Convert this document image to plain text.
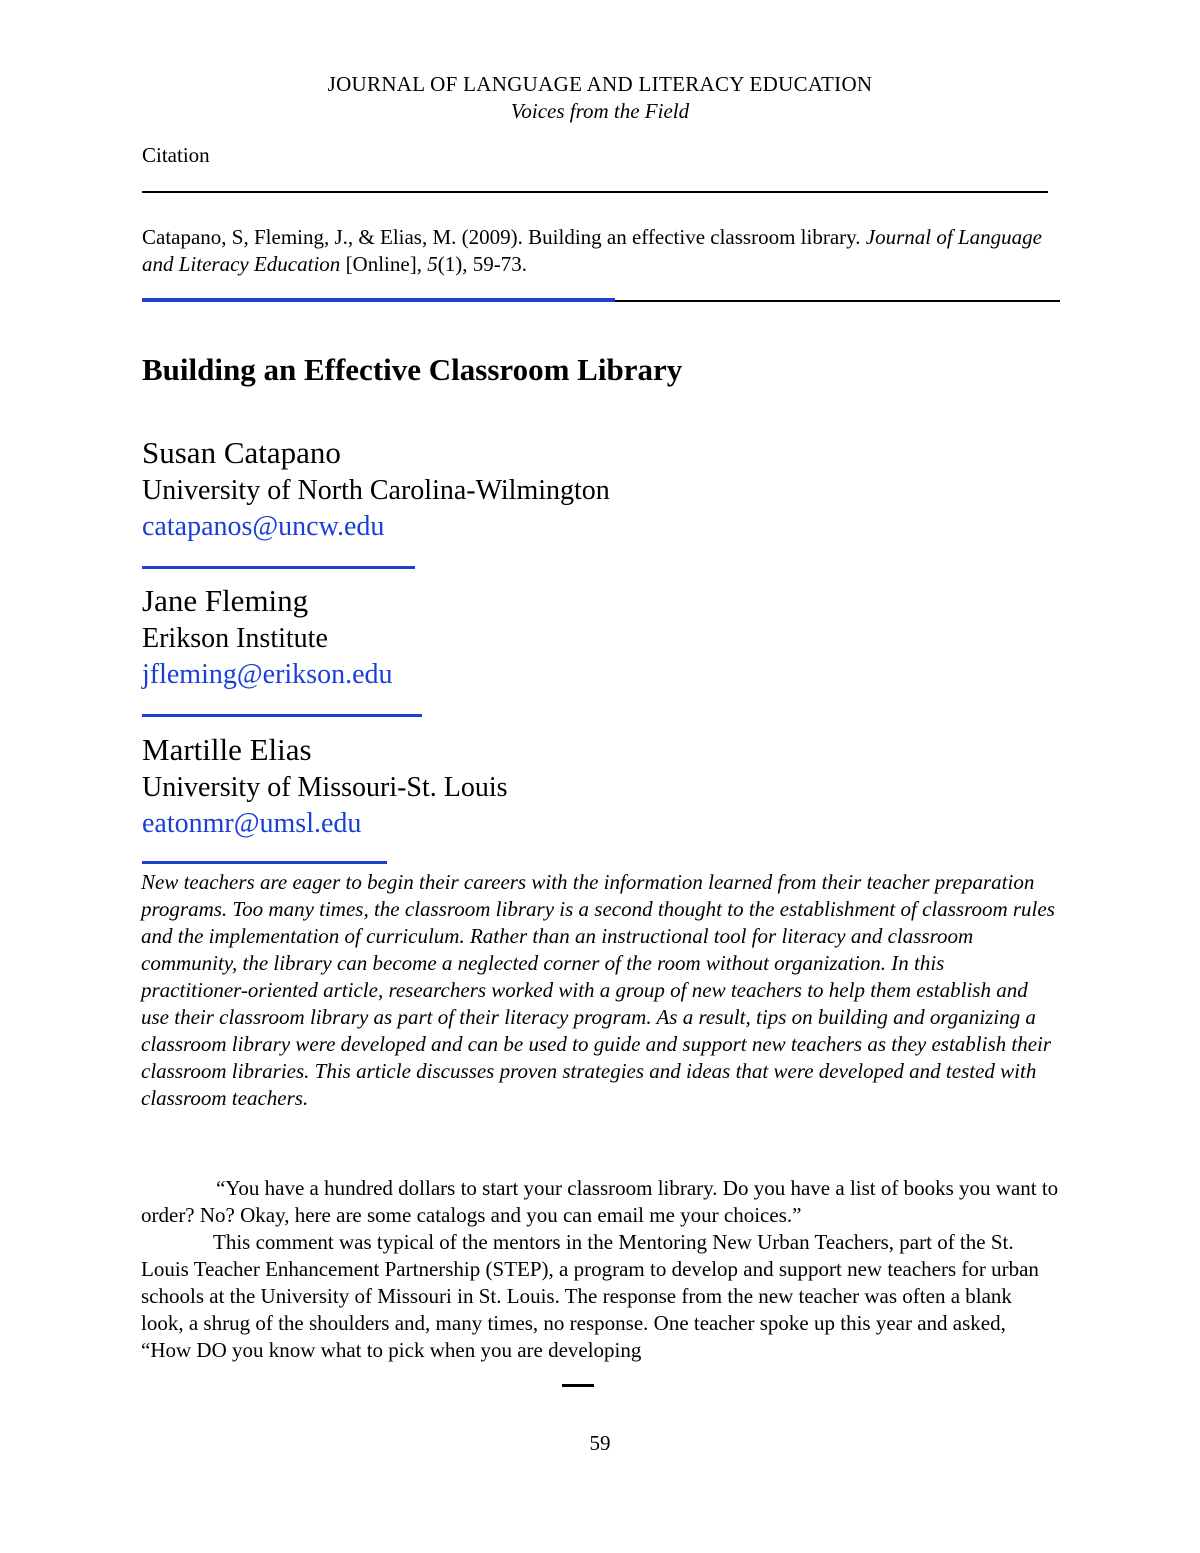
JOURNAL OF LANGUAGE AND LITERACY EDUCATION
Voices from the Field
Citation
Catapano, S, Fleming, J., & Elias, M. (2009). Building an effective classroom library. Journal of Language and Literacy Education [Online], 5(1), 59-73.
Building an Effective Classroom Library
Susan Catapano
University of North Carolina-Wilmington
catapanos@uncw.edu
Jane Fleming
Erikson Institute
jfleming@erikson.edu
Martille Elias
University of Missouri-St. Louis
eatonmr@umsl.edu
New teachers are eager to begin their careers with the information learned from their teacher preparation programs. Too many times, the classroom library is a second thought to the establishment of classroom rules and the implementation of curriculum. Rather than an instructional tool for literacy and classroom community, the library can become a neglected corner of the room without organization. In this practitioner-oriented article, researchers worked with a group of new teachers to help them establish and use their classroom library as part of their literacy program. As a result, tips on building and organizing a classroom library were developed and can be used to guide and support new teachers as they establish their classroom libraries. This article discusses proven strategies and ideas that were developed and tested with classroom teachers.

“You have a hundred dollars to start your classroom library. Do you have a list of books you want to order? No? Okay, here are some catalogs and you can email me your choices.”

This comment was typical of the mentors in the Mentoring New Urban Teachers, part of the St. Louis Teacher Enhancement Partnership (STEP), a program to develop and support new teachers for urban schools at the University of Missouri in St. Louis. The response from the new teacher was often a blank look, a shrug of the shoulders and, many times, no response. One teacher spoke up this year and asked, “How DO you know what to pick when you are developing

59
